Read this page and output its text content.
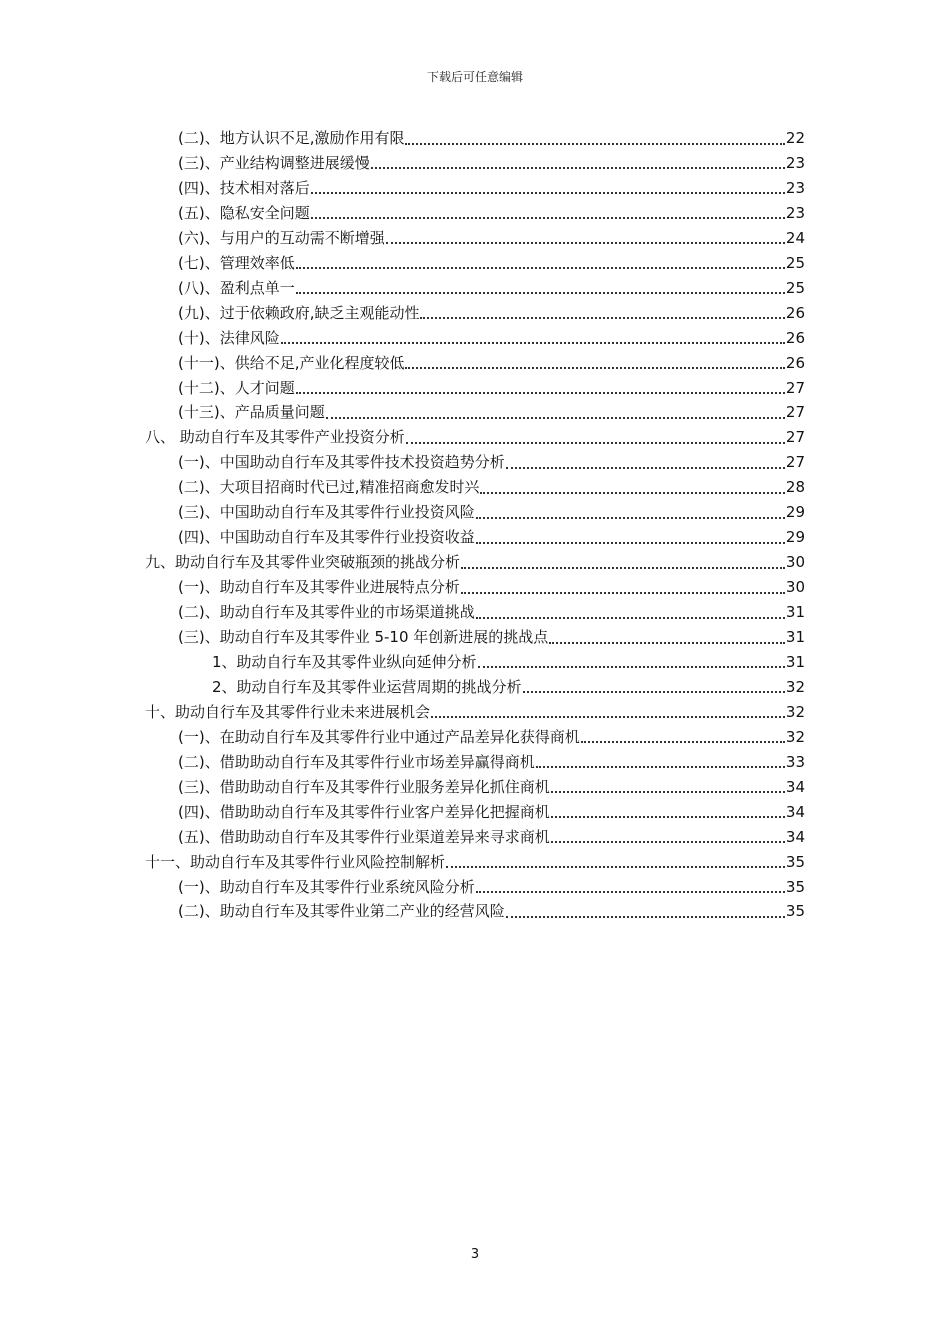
下载后可任意编辑
(二)、地方认识不足,激励作用有限	22
(三)、产业结构调整进展缓慢	23
(四)、技术相对落后	23
(五)、隐私安全问题	23
(六)、与用户的互动需不断增强	24
(七)、管理效率低	25
(八)、盈利点单一	25
(九)、过于依赖政府,缺乏主观能动性	26
(十)、法律风险	26
(十一)、供给不足,产业化程度较低	26
(十二)、人才问题	27
(十三)、产品质量问题	27
八、 助动自行车及其零件产业投资分析	27
(一)、中国助动自行车及其零件技术投资趋势分析	27
(二)、大项目招商时代已过,精准招商愈发时兴	28
(三)、中国助动自行车及其零件行业投资风险	29
(四)、中国助动自行车及其零件行业投资收益	29
九、助动自行车及其零件业突破瓶颈的挑战分析	30
(一)、助动自行车及其零件业进展特点分析	30
(二)、助动自行车及其零件业的市场渠道挑战	31
(三)、助动自行车及其零件业 5-10 年创新进展的挑战点	31
1、助动自行车及其零件业纵向延伸分析	31
2、助动自行车及其零件业运营周期的挑战分析	32
十、助动自行车及其零件行业未来进展机会	32
(一)、在助动自行车及其零件行业中通过产品差异化获得商机	32
(二)、借助助动自行车及其零件行业市场差异赢得商机	33
(三)、借助助动自行车及其零件行业服务差异化抓住商机	34
(四)、借助助动自行车及其零件行业客户差异化把握商机	34
(五)、借助助动自行车及其零件行业渠道差异来寻求商机	34
十一、助动自行车及其零件行业风险控制解析	35
(一)、助动自行车及其零件行业系统风险分析	35
(二)、助动自行车及其零件业第二产业的经营风险	35
3
